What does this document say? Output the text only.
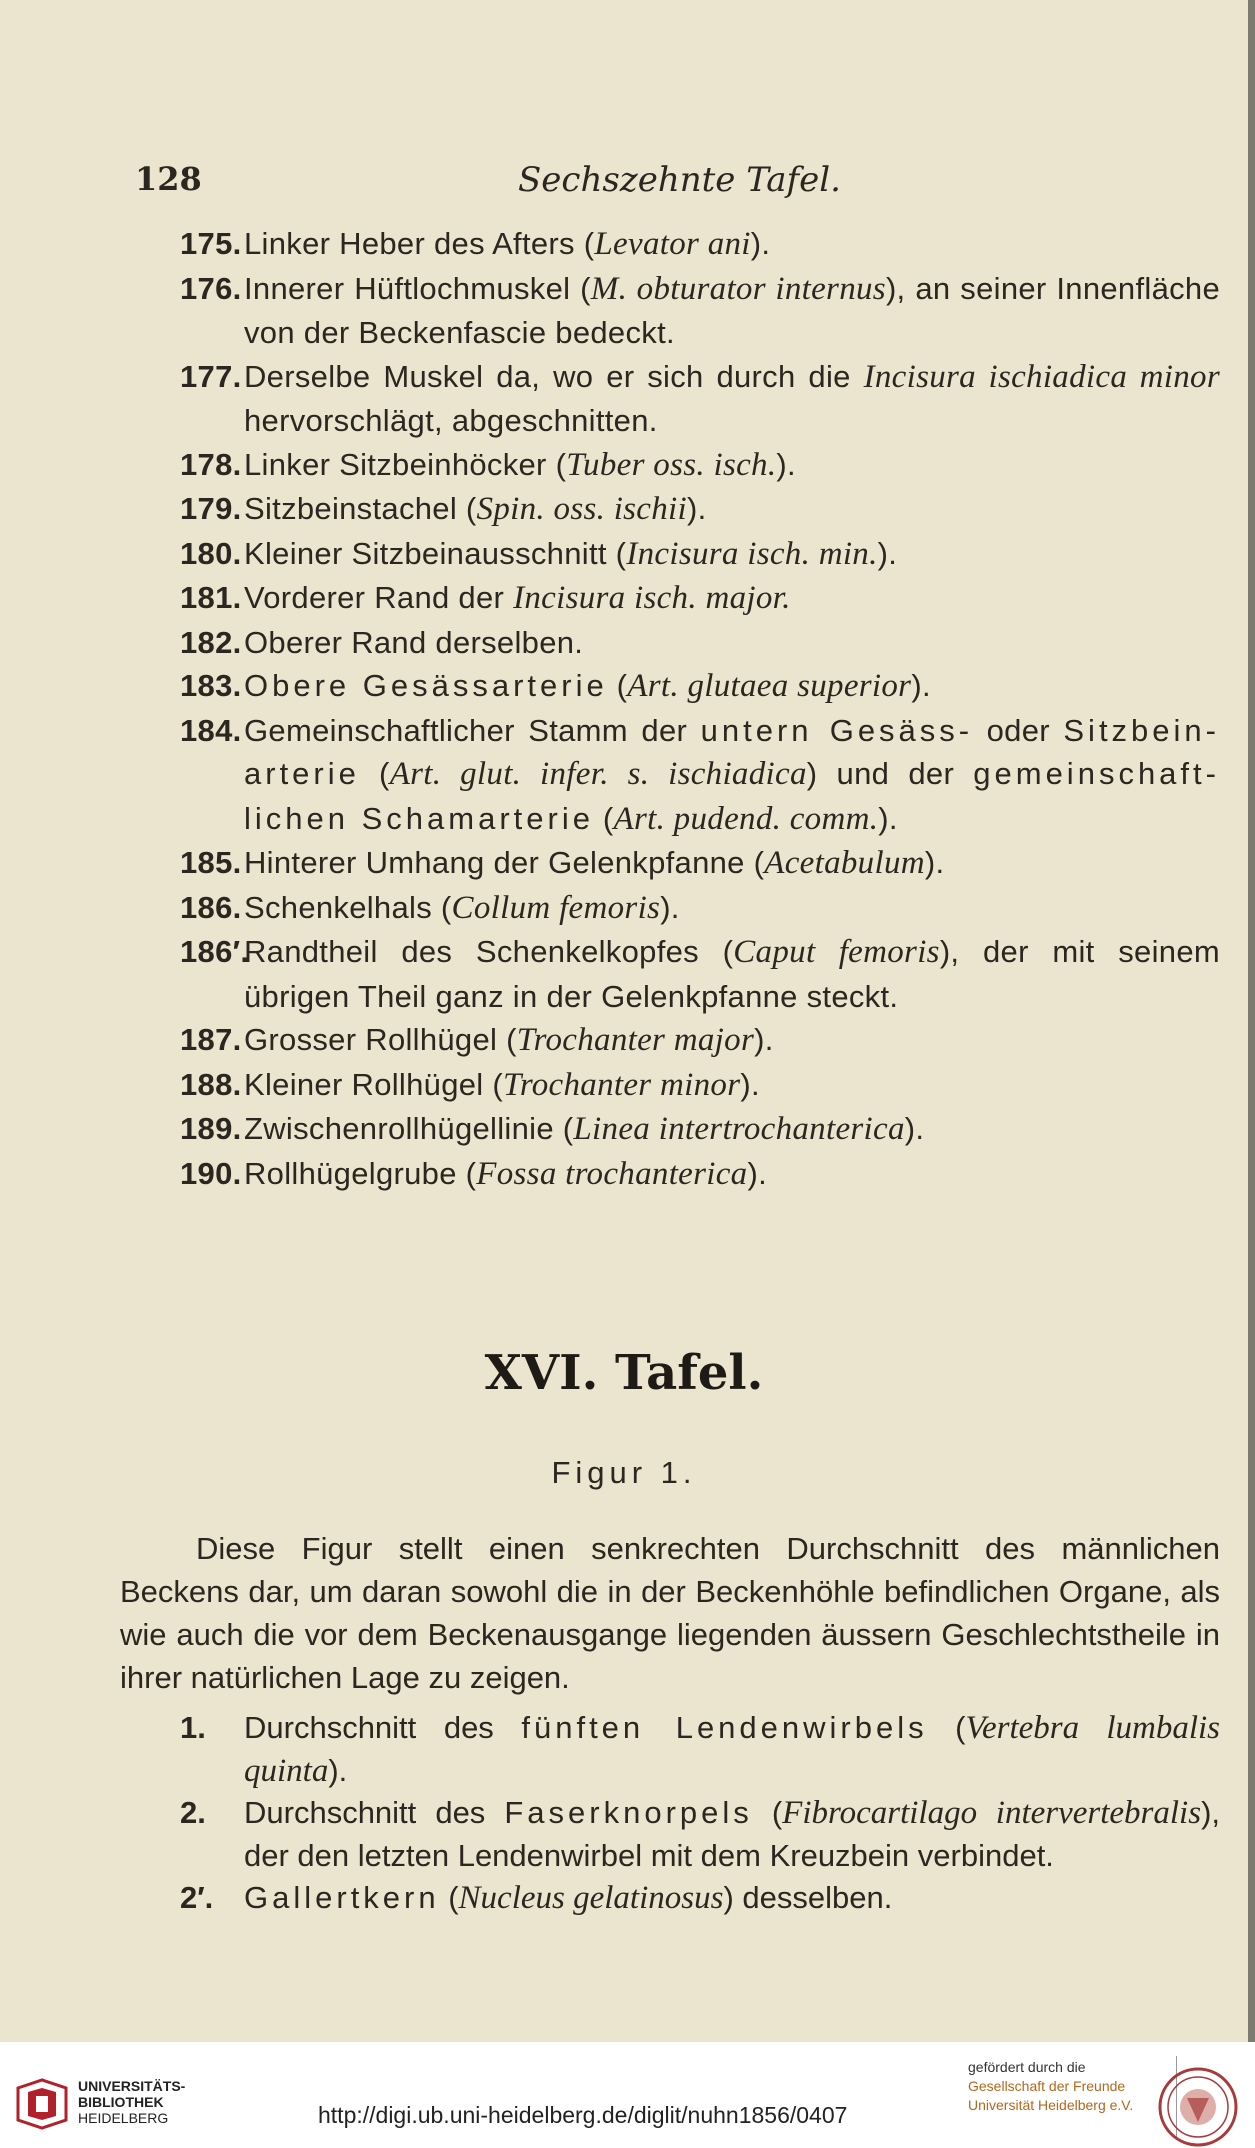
128	Sechszehnte Tafel.
175. Linker Heber des Afters (Levator ani).
176. Innerer Hüftlochmuskel (M. obturator internus), an seiner Innenfläche von der Beckenfascie bedeckt.
177. Derselbe Muskel da, wo er sich durch die Incisura ischiadica minor hervorschlägt, abgeschnitten.
178. Linker Sitzbeinhöcker (Tuber oss. isch.).
179. Sitzbeinstachel (Spin. oss. ischii).
180. Kleiner Sitzbeinausschnitt (Incisura isch. min.).
181. Vorderer Rand der Incisura isch. major.
182. Oberer Rand derselben.
183. Obere Gesässarterie (Art. glutaea superior).
184. Gemeinschaftlicher Stamm der untern Gesäss- oder Sitzbein-arterie (Art. glut. infer. s. ischiadica) und der gemeinschaft-lichen Schamarterie (Art. pudend. comm.).
185. Hinterer Umhang der Gelenkpfanne (Acetabulum).
186. Schenkelhals (Collum femoris).
186′.
Randtheil des Schenkelkopfes (Caput femoris), der mit seinem übrigen Theil ganz in der Gelenkpfanne steckt.
187. Grosser Rollhügel (Trochanter major).
188. Kleiner Rollhügel (Trochanter minor).
189. Zwischenrollhügellinie (Linea intertrochanterica).
190. Rollhügelgrube (Fossa trochanterica).
XVI. Tafel.
Figur 1.
Diese Figur stellt einen senkrechten Durchschnitt des männlichen Beckens dar, um daran sowohl die in der Beckenhöhle befindlichen Organe, als wie auch die vor dem Beckenausgange liegenden äussern Geschlechtstheile in ihrer natürlichen Lage zu zeigen.
1. Durchschnitt des fünften Lendenwirbels (Vertebra lumbalis quinta).
2. Durchschnitt des Faserknorpels (Fibrocartilago intervertebralis), der den letzten Lendenwirbel mit dem Kreuzbein verbindet.
2′. Gallertkern (Nucleus gelatinosus) desselben.
UNIVERSITÄTS-
BIBLIOTHEK
HEIDELBERG	http://digi.ub.uni-heidelberg.de/diglit/nuhn1856/0407
gefördert durch die
Gesellschaft der Freunde
Universität Heidelberg e.V.
